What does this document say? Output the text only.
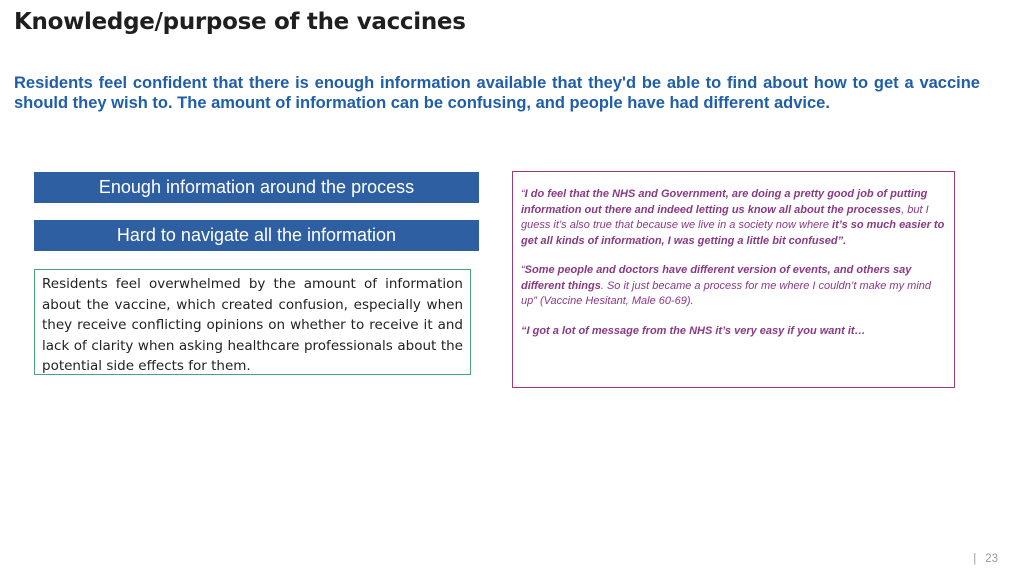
Knowledge/purpose of the vaccines

Residents feel confident that there is enough information available that they'd be able to find about how to get a vaccine should they wish to. The amount of information can be confusing, and people have had different advice.

Enough information around the process
Hard to navigate all the information
Residents feel overwhelmed by the amount of information about the vaccine, which created confusion, especially when they receive conflicting opinions on whether to receive it and lack of clarity when asking healthcare professionals about the potential side effects for them.

“I do feel that the NHS and Government, are doing a pretty good job of putting information out there and indeed letting us know all about the processes, but I guess it’s also true that because we live in a society now where it’s so much easier to get all kinds of information, I was getting a little bit confused”.

“Some people and doctors have different version of events, and others say different things. So it just became a process for me where I couldn’t make my mind up” (Vaccine Hesitant, Male 60-69).

“I got a lot of message from the NHS it’s very easy if you want it…

| 23
